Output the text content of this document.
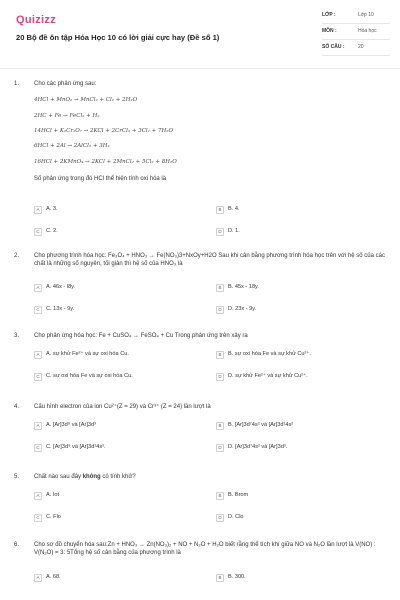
Quizizz
20 Bộ đề ôn tập Hóa Học 10 có lời giải cực hay (Đề số 1)
LỚP :	Lớp 10
MÔN :	Hóa học
SỐ CÂU :	20
1.	Cho các phản ứng sau:
4HCl + MnO₂ → MnCl₂ + Cl₂ + 2H₂O
2HC + Fe → FeCl₂ + H₂
14HCl + K₂Cr₂O₇ → 2KCl + 2CrCl₃ + 3Cl₂ + 7H₂O
6HCl + 2Al → 2AlCl₃ + 3H₂
16HCl + 2KMnO₄ → 2KCl + 2MnCl₂ + 5Cl₂ + 8H₂O
Số phản ứng trong đó HCl thể hiện tính oxi hóa là
A	A. 3.	B	B. 4.
C	C. 2.	D	D. 1.
2.	Cho phương trình hóa học: Fe₃O₄ + HNO₃ → Fe(NO₃)3+NxOy+H2O Sau khi cân bằng phương trình hóa học trên với hệ số của các chất là những số nguyên, tối giản thì hệ số của HNO₃ là
A	A. 46x - l8y.	B	B. 45x - 18y.
C	C. 13x - 9y.	D	D. 23x - 9y.
3.	Cho phản ứng hóa học: Fe + CuSO₄ → FeSO₄ + Cu Trong phản ứng trên xảy ra
A	A. sự khử Fe²⁺ và sự oxi hóa Cu.	B	B. sự oxi hóa Fe và sự khử Cu²⁺.
C	C. sự oxi hóa Fe và sự oxi hóa Cu.	D	D. sự khử Fe²⁺ và sự khử Cu²⁺.
4.	Cấu hình electron của ion Cu²⁺(Z = 29) và Cr³⁺ (Z = 24) lần lượt là
A	A. [Ar]3d⁹ và [Ar]3d³	B	B. [Ar]3d⁷4s² và [Ar]3d¹4s²
C	C. [Ar]3d⁹ và [Ar]3d¹4s².	D	D. [Ar]3d⁷4s² và [Ar]3d³.
5.	Chất nào sau đây không có tính khử?
A	A. Iot	B	B. Brom
C	C. Flo	D	D. Clo
6.	Cho sơ đồ chuyển hóa sau:Zn + HNO₃ → Zn(NO₃)₂ + NO + N₂O + H₂O biết rằng thể tích khí giữa NO và N₂O lần lượt là V(NO) : V(N₂O) = 3: 5Tổng hệ số cân bằng của phương trình là
A	A. 68.	B	B. 300.
